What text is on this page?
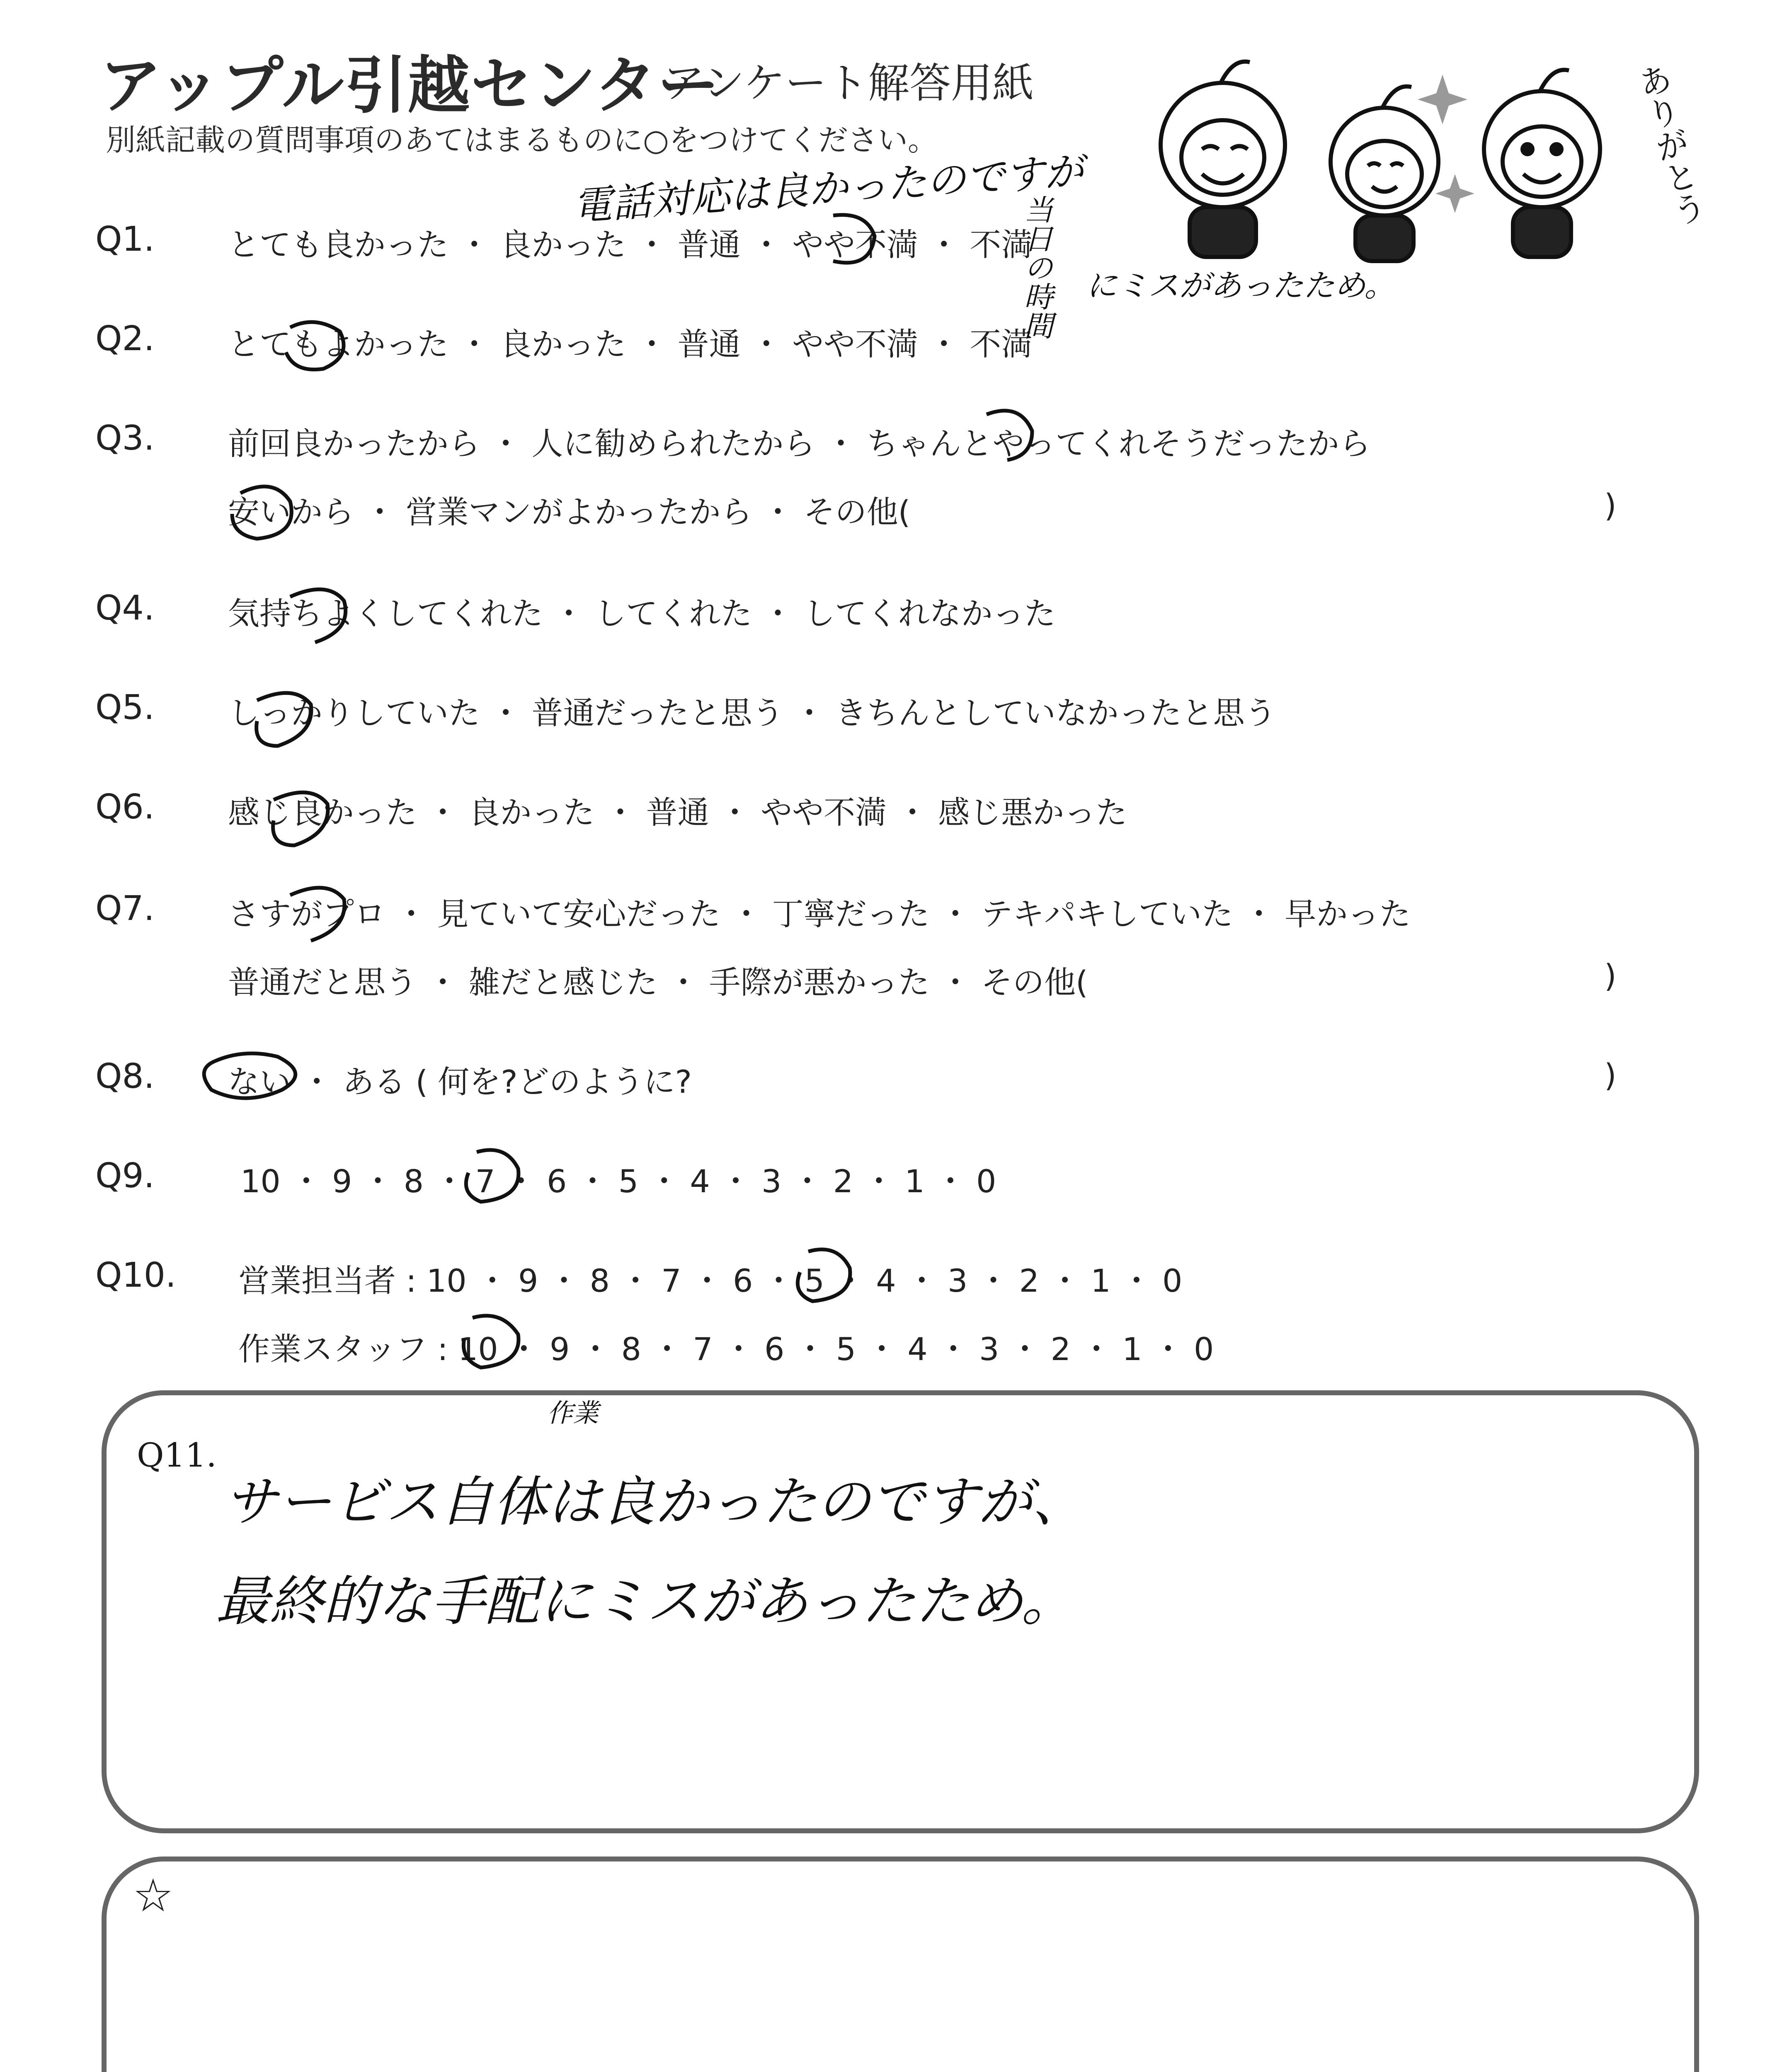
アップル引越センター
アンケート解答用紙
別紙記載の質問事項のあてはまるものに○をつけてください。	ありがとう
Q1. とても良かった ・ 良かった ・ 普通 ・ やや不満 ・ 不満
Q2. とてもよかった ・ 良かった ・ 普通 ・ やや不満 ・ 不満
Q3. 前回良かったから ・ 人に勧められたから ・ ちゃんとやってくれそうだったから
安いから ・ 営業マンがよかったから ・ その他(	)
Q4. 気持ちよくしてくれた ・ してくれた ・ してくれなかった
Q5. しっかりしていた ・ 普通だったと思う ・ きちんとしていなかったと思う
Q6. 感じ良かった ・ 良かった ・ 普通 ・ やや不満 ・ 感じ悪かった
Q7. さすがプロ ・ 見ていて安心だった ・ 丁寧だった ・ テキパキしていた ・ 早かった
普通だと思う ・ 雑だと感じた ・ 手際が悪かった ・ その他(	)
Q8. ない ・ ある ( 何を?どのように?	)
Q9.	10 ・ 9 ・ 8 ・ 7 ・ 6 ・ 5 ・ 4 ・ 3 ・ 2 ・ 1 ・ 0
Q10. 営業担当者 : 10 ・ 9 ・ 8 ・ 7 ・ 6 ・ 5 ・ 4 ・ 3 ・ 2 ・ 1 ・ 0
作業スタッフ : 10 ・ 9 ・ 8 ・ 7 ・ 6 ・ 5 ・ 4 ・ 3 ・ 2 ・ 1 ・ 0
電話対応は良かったのですが
当日の時間 にミスがあったため。
Q11.
作業
サービス自体は良かったのですが、
最終的な手配にミスがあったため。
☆
